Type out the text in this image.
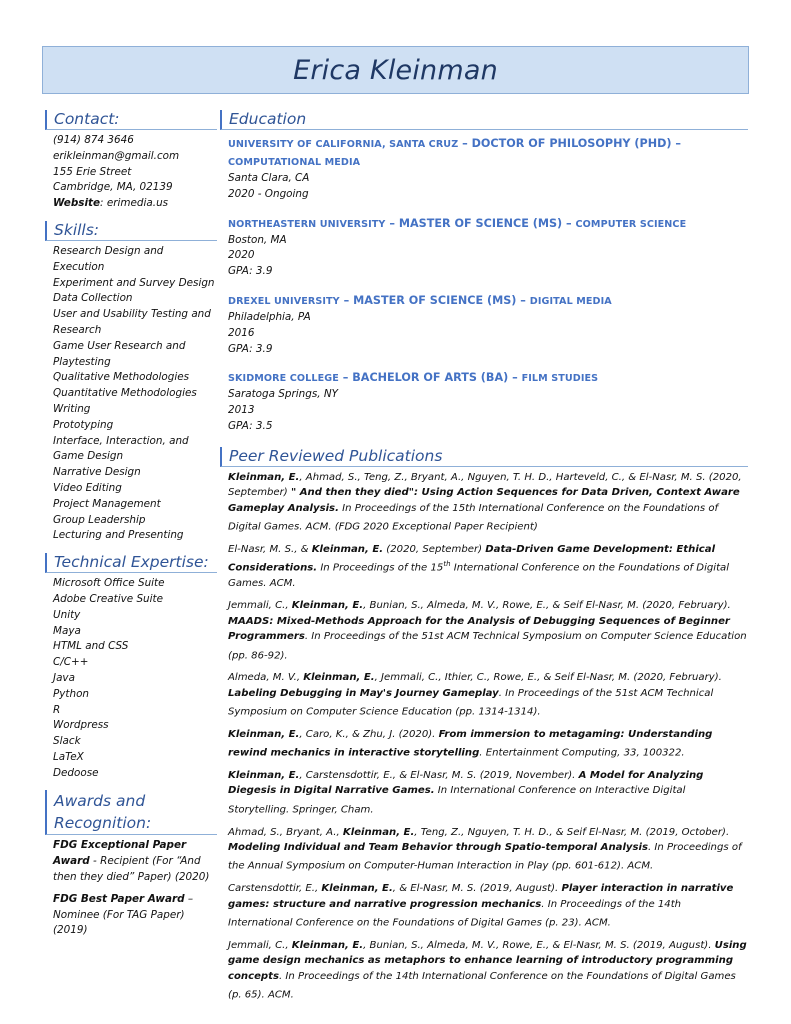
Erica Kleinman
Contact:
(914) 874 3646
erikleinman@gmail.com
155 Erie Street
Cambridge, MA, 02139
Website: erimedia.us
Skills:
Research Design and
Execution
Experiment and Survey Design
Data Collection
User and Usability Testing and
Research
Game User Research and
Playtesting
Qualitative Methodologies
Quantitative Methodologies
Writing
Prototyping
Interface, Interaction, and
Game Design
Narrative Design
Video Editing
Project Management
Group Leadership
Lecturing and Presenting
Technical Expertise:
Microsoft Office Suite
Adobe Creative Suite
Unity
Maya
HTML and CSS
C/C++
Java
Python
R
Wordpress
Slack
LaTeX
Dedoose
Awards and
Recognition:
FDG Exceptional Paper Award - Recipient (For “And then they died” Paper) (2020)
FDG Best Paper Award – Nominee (For TAG Paper) (2019)
Education
UNIVERSITY OF CALIFORNIA, SANTA CRUZ – DOCTOR OF PHILOSOPHY (PHD) – COMPUTATIONAL MEDIA
Santa Clara, CA
2020 - Ongoing
NORTHEASTERN UNIVERSITY – MASTER OF SCIENCE (MS) – COMPUTER SCIENCE
Boston, MA
2020
GPA: 3.9
DREXEL UNIVERSITY – MASTER OF SCIENCE (MS) – DIGITAL MEDIA
Philadelphia, PA
2016
GPA: 3.9
SKIDMORE COLLEGE – BACHELOR OF ARTS (BA) – FILM STUDIES
Saratoga Springs, NY
2013
GPA: 3.5
Peer Reviewed Publications
Kleinman, E., Ahmad, S., Teng, Z., Bryant, A., Nguyen, T. H. D., Harteveld, C., & El-Nasr, M. S. (2020, September) " And then they died": Using Action Sequences for Data Driven, Context Aware Gameplay Analysis. In Proceedings of the 15th International Conference on the Foundations of Digital Games. ACM. (FDG 2020 Exceptional Paper Recipient)
El-Nasr, M. S., & Kleinman, E. (2020, September) Data-Driven Game Development: Ethical Considerations. In Proceedings of the 15th International Conference on the Foundations of Digital Games. ACM.
Jemmali, C., Kleinman, E., Bunian, S., Almeda, M. V., Rowe, E., & Seif El-Nasr, M. (2020, February). MAADS: Mixed-Methods Approach for the Analysis of Debugging Sequences of Beginner Programmers. In Proceedings of the 51st ACM Technical Symposium on Computer Science Education (pp. 86-92).
Almeda, M. V., Kleinman, E., Jemmali, C., Ithier, C., Rowe, E., & Seif El-Nasr, M. (2020, February). Labeling Debugging in May's Journey Gameplay. In Proceedings of the 51st ACM Technical Symposium on Computer Science Education (pp. 1314-1314).
Kleinman, E., Caro, K., & Zhu, J. (2020). From immersion to metagaming: Understanding rewind mechanics in interactive storytelling. Entertainment Computing, 33, 100322.
Kleinman, E., Carstensdottir, E., & El-Nasr, M. S. (2019, November). A Model for Analyzing Diegesis in Digital Narrative Games. In International Conference on Interactive Digital Storytelling. Springer, Cham.
Ahmad, S., Bryant, A., Kleinman, E., Teng, Z., Nguyen, T. H. D., & Seif El-Nasr, M. (2019, October). Modeling Individual and Team Behavior through Spatio-temporal Analysis. In Proceedings of the Annual Symposium on Computer-Human Interaction in Play (pp. 601-612). ACM.
Carstensdottir, E., Kleinman, E., & El-Nasr, M. S. (2019, August). Player interaction in narrative games: structure and narrative progression mechanics. In Proceedings of the 14th International Conference on the Foundations of Digital Games (p. 23). ACM.
Jemmali, C., Kleinman, E., Bunian, S., Almeda, M. V., Rowe, E., & El-Nasr, M. S. (2019, August). Using game design mechanics as metaphors to enhance learning of introductory programming concepts. In Proceedings of the 14th International Conference on the Foundations of Digital Games (p. 65). ACM.
